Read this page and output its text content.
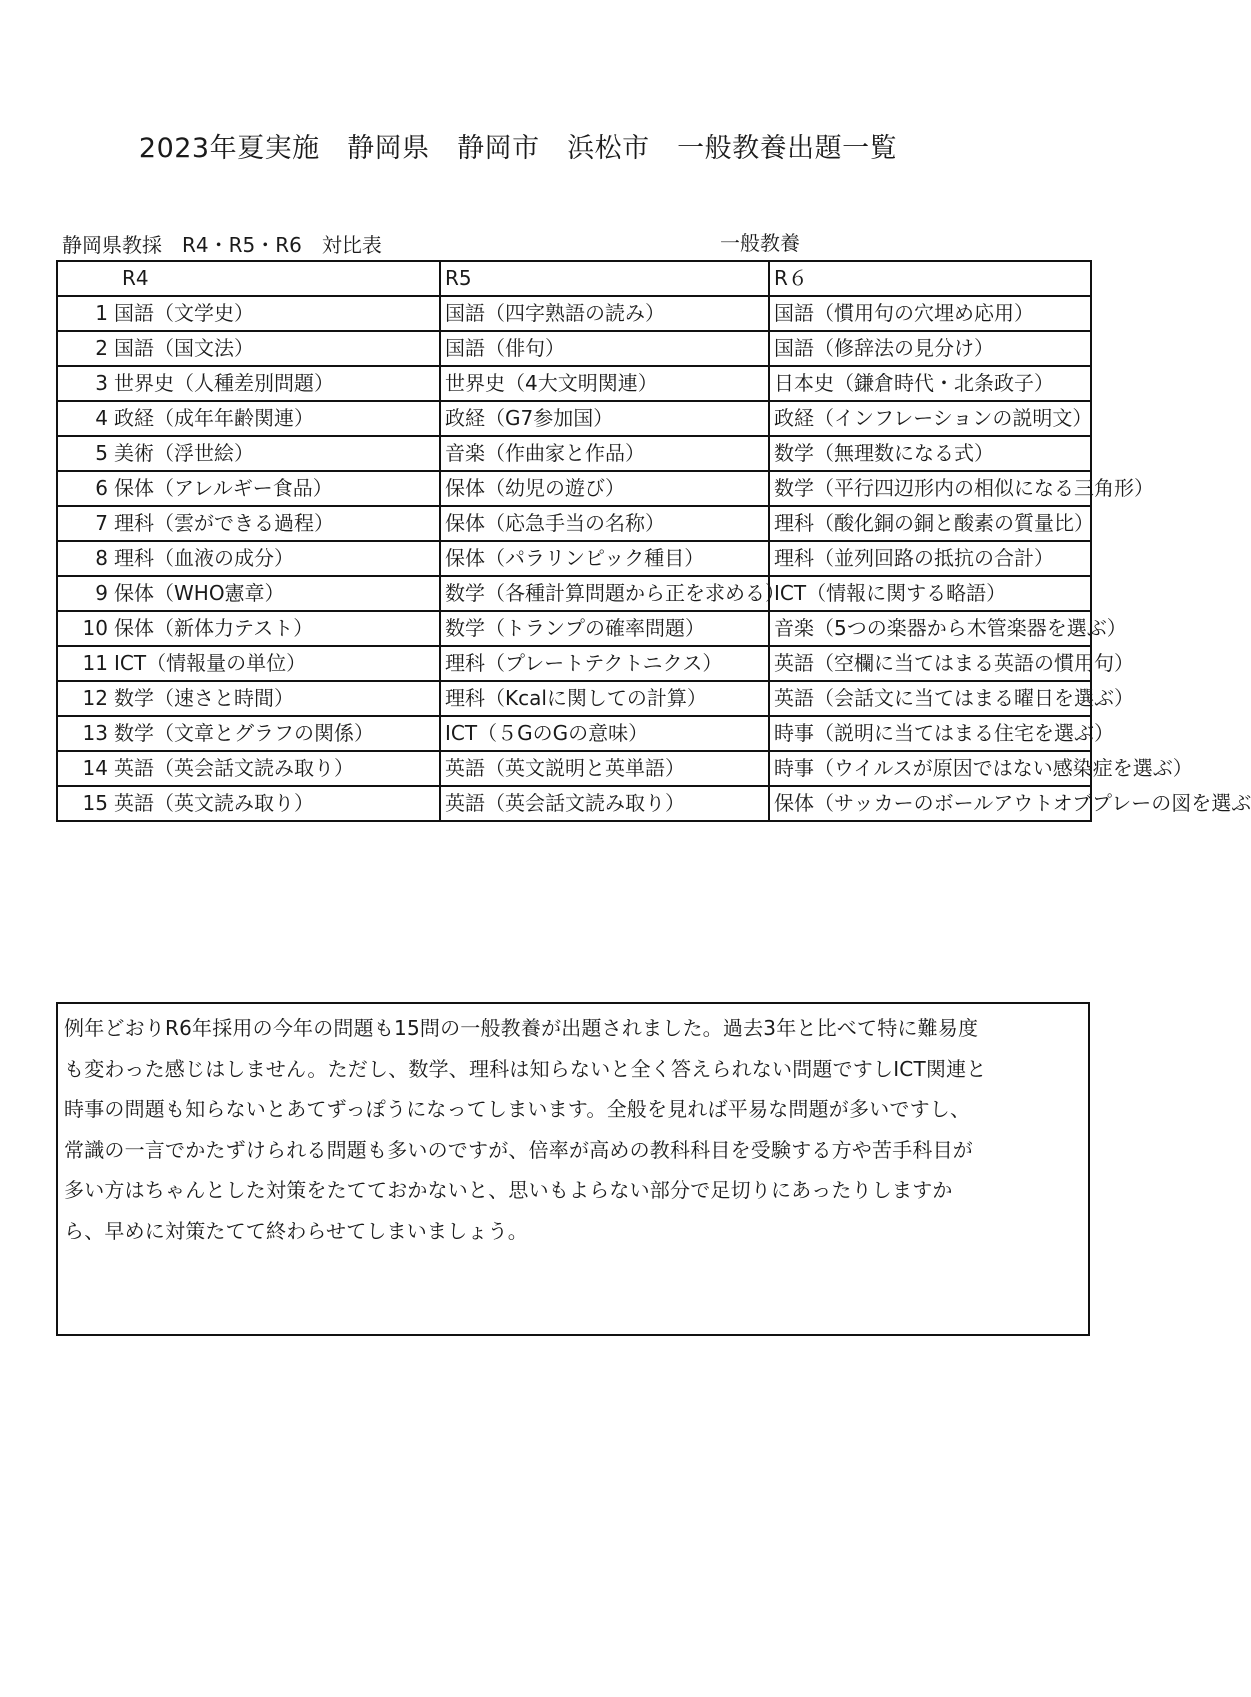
2023年夏実施　静岡県　静岡市　浜松市　一般教養出題一覧
静岡県教採　R4・R5・R6　対比表	一般教養
R4	R5	R６
1 国語（文学史）	国語（四字熟語の読み）	国語（慣用句の穴埋め応用）
2 国語（国文法）	国語（俳句）	国語（修辞法の見分け）
3 世界史（人種差別問題）	世界史（4大文明関連）	日本史（鎌倉時代・北条政子）
4 政経（成年年齢関連）	政経（G7参加国）	政経（インフレーションの説明文）
5 美術（浮世絵）	音楽（作曲家と作品）	数学（無理数になる式）
6 保体（アレルギー食品）	保体（幼児の遊び）	数学（平行四辺形内の相似になる三角形）
7 理科（雲ができる過程）	保体（応急手当の名称）	理科（酸化銅の銅と酸素の質量比）
8 理科（血液の成分）	保体（パラリンピック種目）	理科（並列回路の抵抗の合計）
9 保体（WHO憲章）	数学（各種計算問題から正を求める）	ICT（情報に関する略語）
10 保体（新体力テスト）	数学（トランプの確率問題）	音楽（5つの楽器から木管楽器を選ぶ）
11 ICT（情報量の単位）	理科（プレートテクトニクス）	英語（空欄に当てはまる英語の慣用句）
12 数学（速さと時間）	理科（Kcalに関しての計算）	英語（会話文に当てはまる曜日を選ぶ）
13 数学（文章とグラフの関係）	ICT（５GのGの意味）	時事（説明に当てはまる住宅を選ぶ）
14 英語（英会話文読み取り）	英語（英文説明と英単語）	時事（ウイルスが原因ではない感染症を選ぶ）
15 英語（英文読み取り）	英語（英会話文読み取り）	保体（サッカーのボールアウトオブプレーの図を選ぶ

例年どおりR6年採用の今年の問題も15問の一般教養が出題されました。過去3年と比べて特に難易度

も変わった感じはしません。ただし、数学、理科は知らないと全く答えられない問題ですしICT関連と

時事の問題も知らないとあてずっぽうになってしまいます。全般を見れば平易な問題が多いですし、

常識の一言でかたずけられる問題も多いのですが、倍率が高めの教科科目を受験する方や苦手科目が

多い方はちゃんとした対策をたてておかないと、思いもよらない部分で足切りにあったりしますか

ら、早めに対策たてて終わらせてしまいましょう。
